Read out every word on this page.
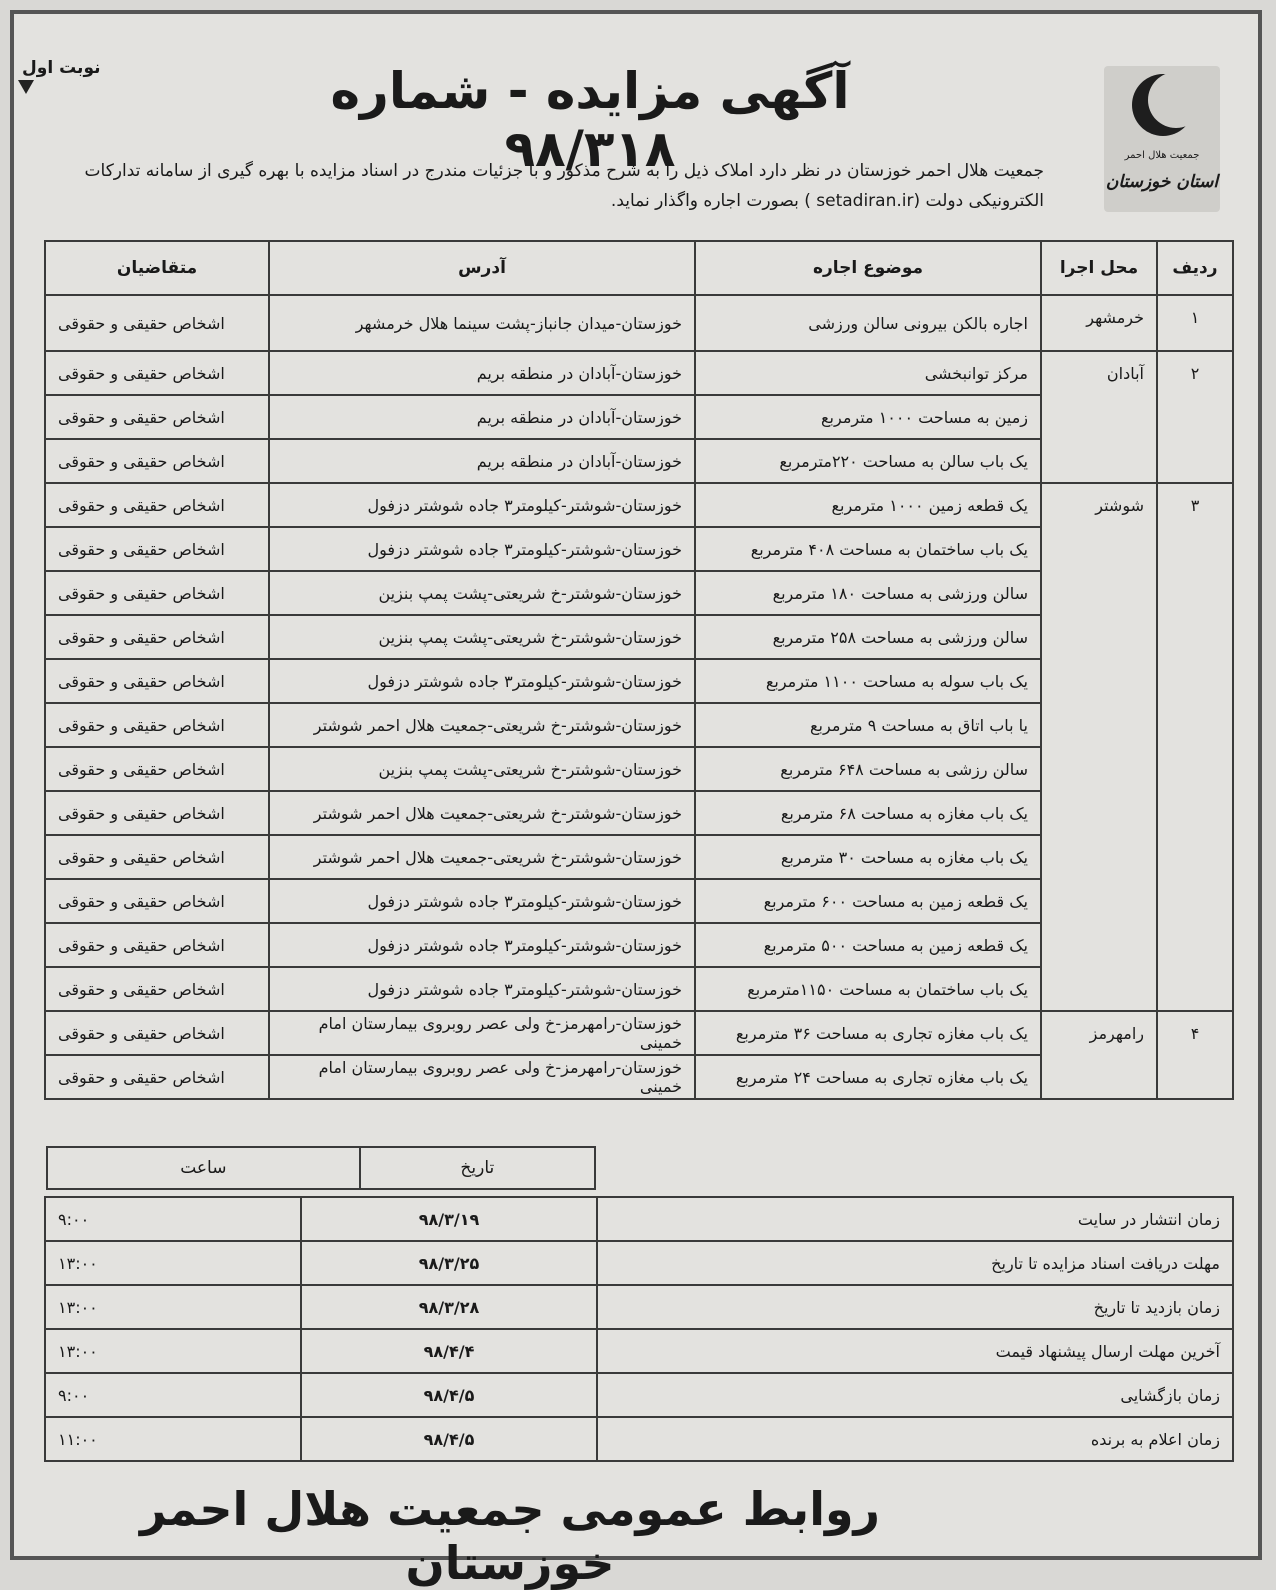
نوبت اول
جمعیت هلال احمر
استان خوزستان
آگهی مزایده - شماره ۹۸/۳۱۸
جمعیت هلال احمر خوزستان در نظر دارد املاک ذیل را به شرح مذکور و با جزئیات مندرج در اسناد مزایده با بهره گیری از سامانه تدارکات الکترونیکی دولت (setadiran.ir ) بصورت اجاره واگذار نماید.
ردیف	محل اجرا	موضوع اجاره	آدرس	متقاضیان
۱	خرمشهر	اجاره بالکن بیرونی سالن ورزشی	خوزستان-میدان جانباز-پشت سینما هلال خرمشهر	اشخاص حقیقی و حقوقی
۲	آبادان	مرکز توانبخشی	خوزستان-آبادان در منطقه بریم	اشخاص حقیقی و حقوقی
		زمین به مساحت ۱۰۰۰ مترمربع	خوزستان-آبادان در منطقه بریم	اشخاص حقیقی و حقوقی
		یک باب سالن به مساحت ۲۲۰مترمربع	خوزستان-آبادان در منطقه بریم	اشخاص حقیقی و حقوقی
۳	شوشتر	یک قطعه زمین ۱۰۰۰ مترمربع	خوزستان-شوشتر-کیلومتر۳ جاده شوشتر دزفول	اشخاص حقیقی و حقوقی
		یک باب ساختمان به مساحت ۴۰۸ مترمربع	خوزستان-شوشتر-کیلومتر۳ جاده شوشتر دزفول	اشخاص حقیقی و حقوقی
		سالن ورزشی به مساحت ۱۸۰ مترمربع	خوزستان-شوشتر-خ شریعتی-پشت پمپ بنزین	اشخاص حقیقی و حقوقی
		سالن ورزشی به مساحت ۲۵۸ مترمربع	خوزستان-شوشتر-خ شریعتی-پشت پمپ بنزین	اشخاص حقیقی و حقوقی
		یک باب سوله به مساحت ۱۱۰۰ مترمربع	خوزستان-شوشتر-کیلومتر۳ جاده شوشتر دزفول	اشخاص حقیقی و حقوقی
		یا باب اتاق به مساحت ۹ مترمربع	خوزستان-شوشتر-خ شریعتی-جمعیت هلال احمر شوشتر	اشخاص حقیقی و حقوقی
		سالن رزشی به مساحت ۶۴۸ مترمربع	خوزستان-شوشتر-خ شریعتی-پشت پمپ بنزین	اشخاص حقیقی و حقوقی
		یک باب مغازه به مساحت ۶۸ مترمربع	خوزستان-شوشتر-خ شریعتی-جمعیت هلال احمر شوشتر	اشخاص حقیقی و حقوقی
		یک باب مغازه به مساحت ۳۰ مترمربع	خوزستان-شوشتر-خ شریعتی-جمعیت هلال احمر شوشتر	اشخاص حقیقی و حقوقی
		یک قطعه زمین به مساحت ۶۰۰ مترمربع	خوزستان-شوشتر-کیلومتر۳ جاده شوشتر دزفول	اشخاص حقیقی و حقوقی
		یک قطعه زمین به مساحت ۵۰۰ مترمربع	خوزستان-شوشتر-کیلومتر۳ جاده شوشتر دزفول	اشخاص حقیقی و حقوقی
		یک باب ساختمان به مساحت ۱۱۵۰مترمربع	خوزستان-شوشتر-کیلومتر۳ جاده شوشتر دزفول	اشخاص حقیقی و حقوقی
۴	رامهرمز	یک باب مغازه تجاری به مساحت ۳۶ مترمربع	خوزستان-رامهرمز-خ ولی عصر روبروی بیمارستان امام خمینی	اشخاص حقیقی و حقوقی
		یک باب مغازه تجاری به مساحت ۲۴ مترمربع	خوزستان-رامهرمز-خ ولی عصر روبروی بیمارستان امام خمینی	اشخاص حقیقی و حقوقی
تاریخ	ساعت
زمان انتشار در سایت	۹۸/۳/۱۹	۹:۰۰
مهلت دریافت اسناد مزایده تا تاریخ	۹۸/۳/۲۵	۱۳:۰۰
زمان بازدید تا تاریخ	۹۸/۳/۲۸	۱۳:۰۰
آخرین مهلت ارسال پیشنهاد قیمت	۹۸/۴/۴	۱۳:۰۰
زمان بازگشایی	۹۸/۴/۵	۹:۰۰
زمان اعلام به برنده	۹۸/۴/۵	۱۱:۰۰
روابط عمومی جمعیت هلال احمر خوزستان
